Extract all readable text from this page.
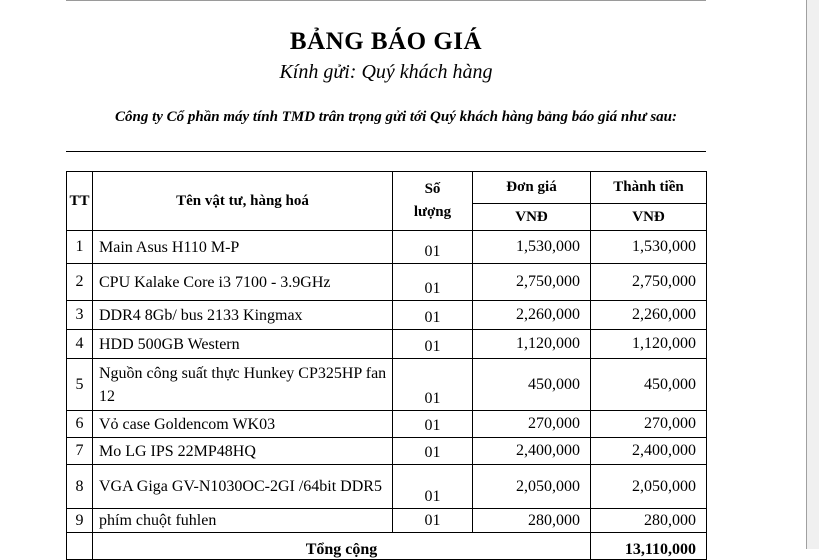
BẢNG BÁO GIÁ
Kính gửi: Quý khách hàng
Công ty Cổ phần máy tính TMD trân trọng gửi tới Quý khách hàng bảng báo giá như sau:
TT	Tên vật tư, hàng hoá	Số lượng	Đơn giá	Thành tiền
			VNĐ	VNĐ
1	Main Asus H110 M-P	01	1,530,000	1,530,000
2	CPU Kalake Core i3 7100 - 3.9GHz	01	2,750,000	2,750,000
3	DDR4 8Gb/ bus 2133 Kingmax	01	2,260,000	2,260,000
4	HDD 500GB Western	01	1,120,000	1,120,000
5	Nguồn công suất thực Hunkey CP325HP fan 12	01	450,000	450,000
6	Vỏ case Goldencom WK03	01	270,000	270,000
7	Mo LG IPS 22MP48HQ	01	2,400,000	2,400,000
8	VGA Giga GV-N1030OC-2GI /64bit DDR5	01	2,050,000	2,050,000
9	phím chuột fuhlen	01	280,000	280,000
	Tổng cộng			13,110,000
